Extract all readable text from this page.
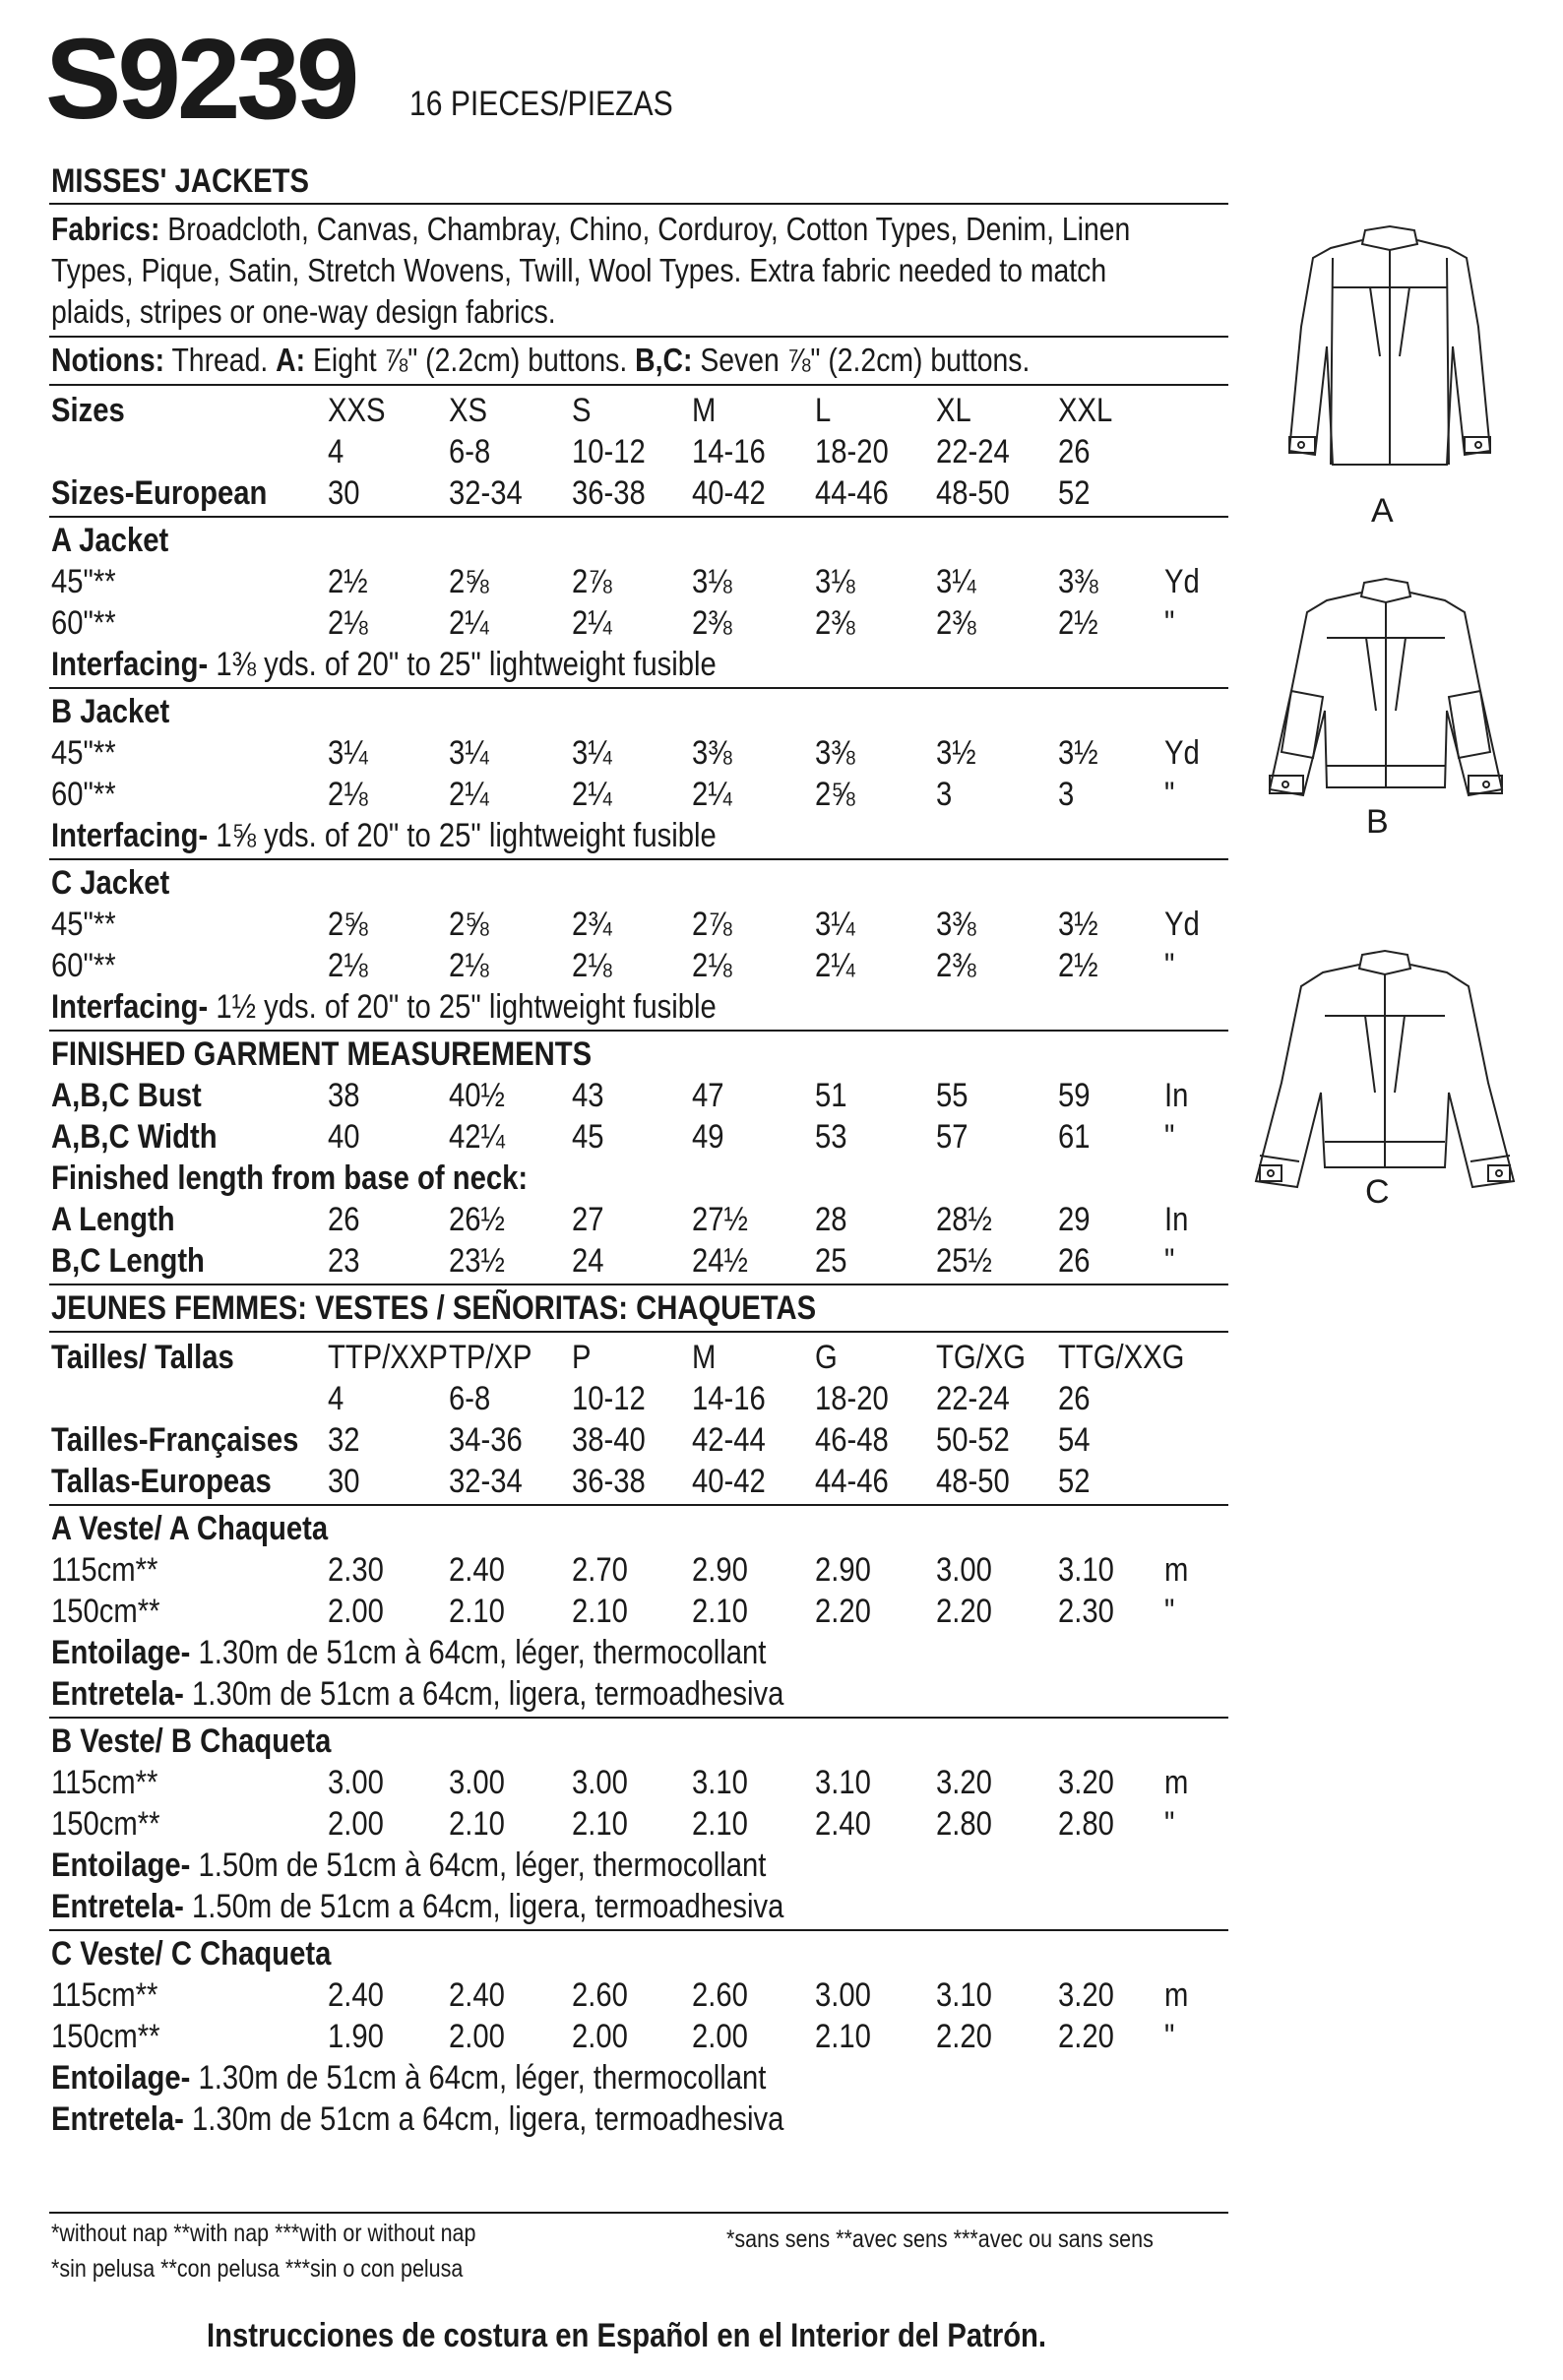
S9239 16 PIECES/PIEZAS
MISSES' JACKETS
Fabrics: Broadcloth, Canvas, Chambray, Chino, Corduroy, Cotton Types, Denim, Linen
Types, Pique, Satin, Stretch Wovens, Twill, Wool Types. Extra fabric needed to match
plaids, stripes or one-way design fabrics.
Notions: Thread. A: Eight ⅞" (2.2cm) buttons. B,C: Seven ⅞" (2.2cm) buttons.
Sizes	XXS XS	S	M	L	XL	XXL
4	6-8 10-12 14-16 18-20 22-24 26
Sizes-European 30	32-34 36-38 40-42 44-46 48-50 52
A Jacket
45"**	2½ 2⅝ 2⅞ 3⅛ 3⅛ 3¼ 3⅜ Yd
60"**	2⅛ 2¼ 2¼ 2⅜ 2⅜ 2⅜ 2½ "
Interfacing- 1⅜ yds. of 20" to 25" lightweight fusible
B Jacket
45"**	3¼ 3¼ 3¼ 3⅜ 3⅜ 3½ 3½ Yd
60"**	2⅛ 2¼ 2¼ 2¼ 2⅝ 3	3	"
Interfacing- 1⅝ yds. of 20" to 25" lightweight fusible
C Jacket
45"**	2⅝ 2⅝ 2¾ 2⅞ 3¼ 3⅜ 3½ Yd
60"**	2⅛ 2⅛ 2⅛ 2⅛ 2¼ 2⅜ 2½ "
Interfacing- 1½ yds. of 20" to 25" lightweight fusible
FINISHED GARMENT MEASUREMENTS
A,B,C Bust	38	40½ 43	47	51	55	59 In
A,B,C Width	40	42¼ 45	49	53	57	61 "
Finished length from base of neck:
A Length	26	26½ 27	27½ 28	28½ 29 In
B,C Length	23	23½ 24	24½ 25	25½ 26 "
JEUNES FEMMES: VESTES / SEÑORITAS: CHAQUETAS
Tailles/ Tallas	TTP/XXP TP/XP P	M	G	TG/XG TTG/XXG
4	6-8 10-12 14-16 18-20 22-24 26
Tailles-Françaises 32	34-36 38-40 42-44 46-48 50-52 54
Tallas-Europeas 30	32-34 36-38 40-42 44-46 48-50 52
A Veste/ A Chaqueta
115cm**	2.30 2.40 2.70 2.90 2.90 3.00 3.10 m
150cm**	2.00 2.10 2.10 2.10 2.20 2.20 2.30 "
Entoilage- 1.30m de 51cm à 64cm, léger, thermocollant
Entretela- 1.30m de 51cm a 64cm, ligera, termoadhesiva
B Veste/ B Chaqueta
115cm**	3.00 3.00 3.00 3.10 3.10 3.20 3.20 m
150cm**	2.00 2.10 2.10 2.10 2.40 2.80 2.80 "
Entoilage- 1.50m de 51cm à 64cm, léger, thermocollant
Entretela- 1.50m de 51cm a 64cm, ligera, termoadhesiva
C Veste/ C Chaqueta
115cm**	2.40 2.40 2.60 2.60 3.00 3.10 3.20 m
150cm**	1.90 2.00 2.00 2.00 2.10 2.20 2.20 "
Entoilage- 1.30m de 51cm à 64cm, léger, thermocollant
Entretela- 1.30m de 51cm a 64cm, ligera, termoadhesiva
*without nap **with nap ***with or without nap
*sin pelusa **con pelusa ***sin o con pelusa
*sans sens **avec sens ***avec ou sans sens
Instrucciones de costura en Español en el Interior del Patrón.
A
B
C
